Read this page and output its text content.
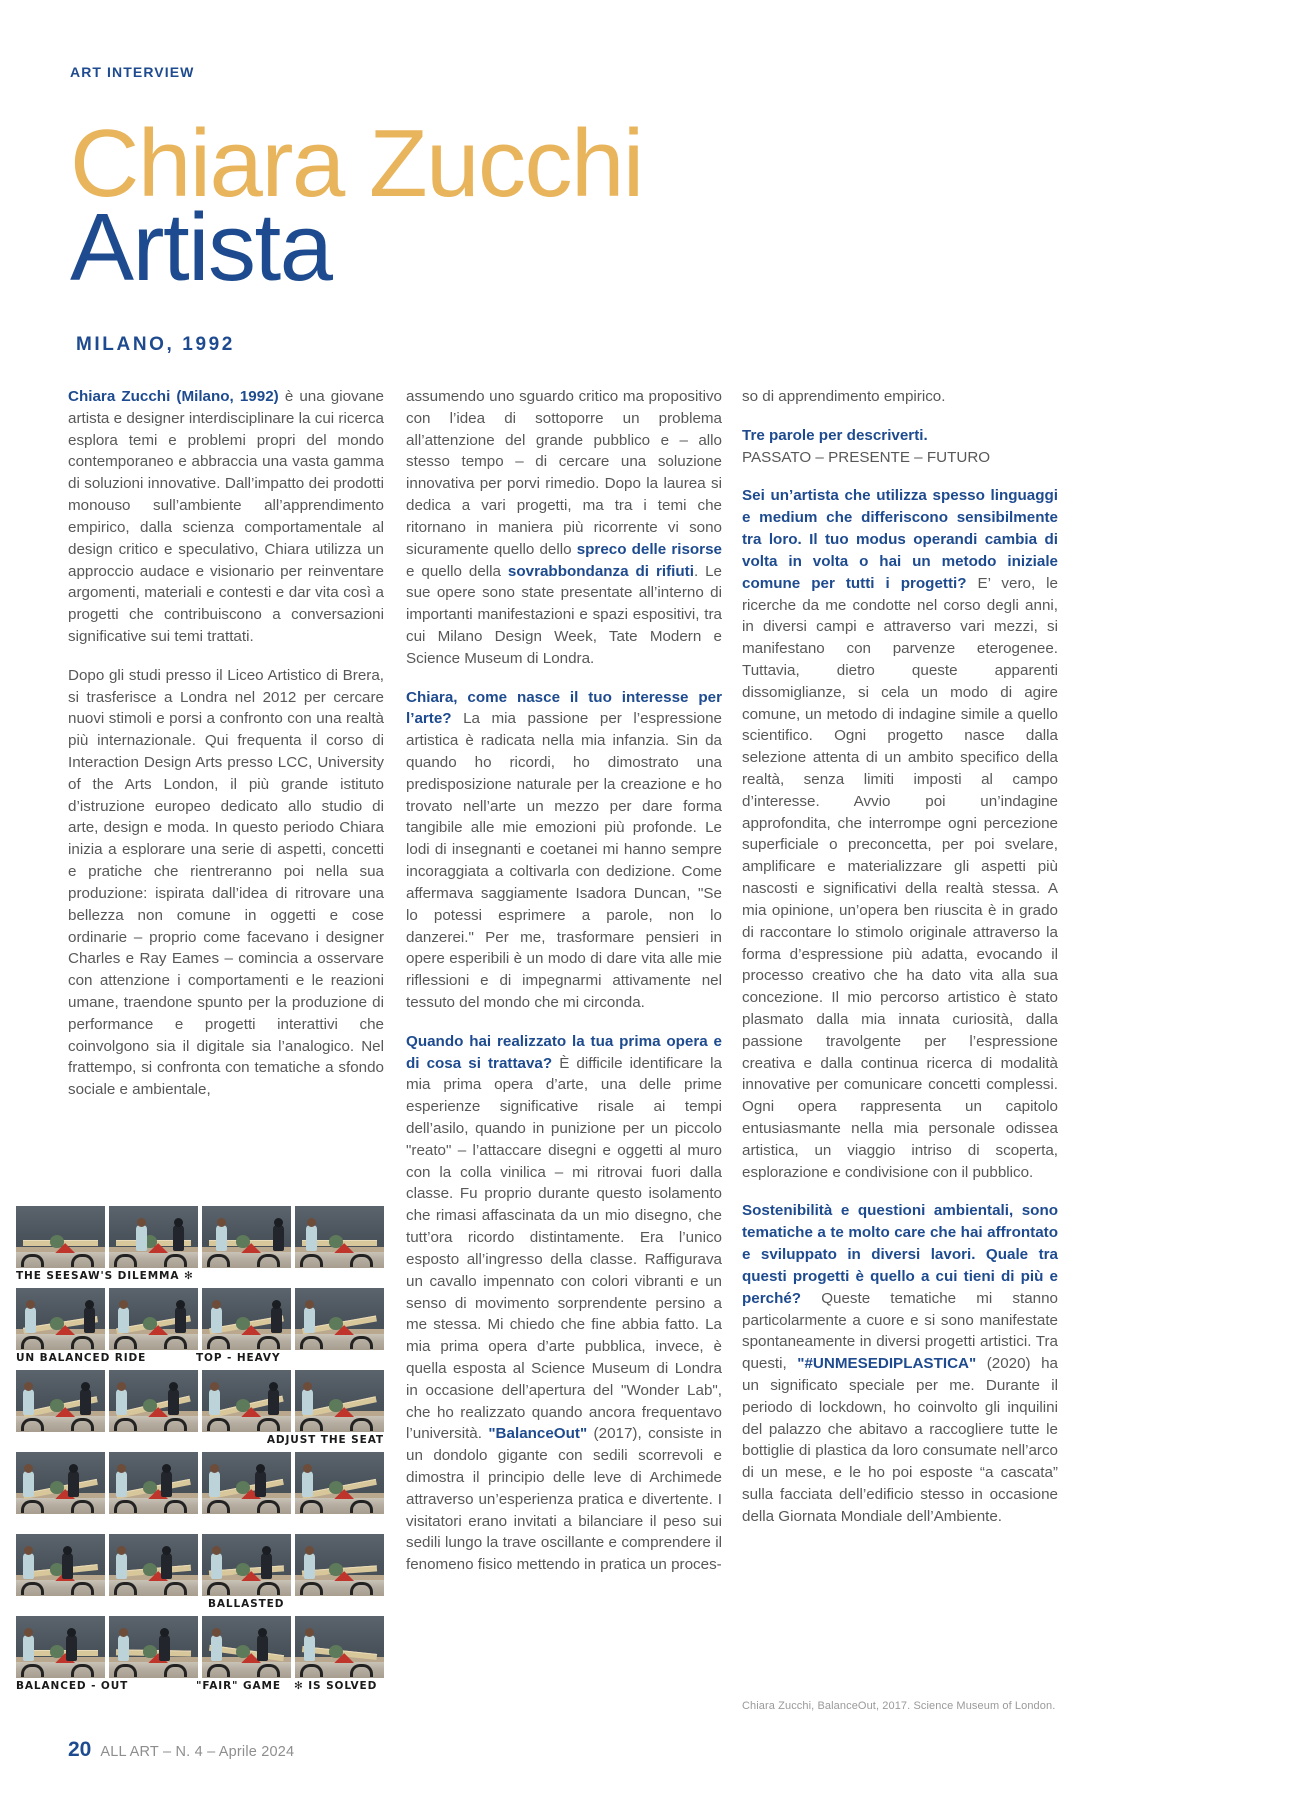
ART INTERVIEW
Chiara Zucchi
Artista
MILANO, 1992

Chiara Zucchi (Milano, 1992) è una giovane artista e designer interdisciplinare la cui ricerca esplora temi e problemi propri del mondo contemporaneo e abbraccia una vasta gamma di soluzioni innovative. Dall’impatto dei prodotti monouso sull’ambiente all’apprendimento empirico, dalla scienza comportamentale al design critico e speculativo, Chiara utilizza un approccio audace e visionario per reinventare argomenti, materiali e contesti e dar vita così a progetti che contribuiscono a conversazioni significative sui temi trattati.

Dopo gli studi presso il Liceo Artistico di Brera, si trasferisce a Londra nel 2012 per cercare nuovi stimoli e porsi a confronto con una realtà più internazionale. Qui frequenta il corso di Interaction Design Arts presso LCC, University of the Arts London, il più grande istituto d’istruzione europeo dedicato allo studio di arte, design e moda. In questo periodo Chiara inizia a esplorare una serie di aspetti, concetti e pratiche che rientreranno poi nella sua produzione: ispirata dall’idea di ritrovare una bellezza non comune in oggetti e cose ordinarie – proprio come facevano i designer Charles e Ray Eames – comincia a osservare con attenzione i comportamenti e le reazioni umane, traendone spunto per la produzione di performance e progetti interattivi che coinvolgono sia il digitale sia l’analogico. Nel frattempo, si confronta con tematiche a sfondo sociale e ambientale,

assumendo uno sguardo critico ma propositivo con l’idea di sottoporre un problema all’attenzione del grande pubblico e – allo stesso tempo – di cercare una soluzione innovativa per porvi rimedio. Dopo la laurea si dedica a vari progetti, ma tra i temi che ritornano in maniera più ricorrente vi sono sicuramente quello dello spreco delle risorse e quello della sovrabbondanza di rifiuti. Le sue opere sono state presentate all’interno di importanti manifestazioni e spazi espositivi, tra cui Milano Design Week, Tate Modern e Science Museum di Londra.

Chiara, come nasce il tuo interesse per l’arte? La mia passione per l’espressione artistica è radicata nella mia infanzia. Sin da quando ho ricordi, ho dimostrato una predisposizione naturale per la creazione e ho trovato nell’arte un mezzo per dare forma tangibile alle mie emozioni più profonde. Le lodi di insegnanti e coetanei mi hanno sempre incoraggiata a coltivarla con dedizione. Come affermava saggiamente Isadora Duncan, "Se lo potessi esprimere a parole, non lo danzerei." Per me, trasformare pensieri in opere esperibili è un modo di dare vita alle mie riflessioni e di impegnarmi attivamente nel tessuto del mondo che mi circonda.

Quando hai realizzato la tua prima opera e di cosa si trattava? È difficile identificare la mia prima opera d’arte, una delle prime esperienze significative risale ai tempi dell’asilo, quando in punizione per un piccolo "reato" – l’attaccare disegni e oggetti al muro con la colla vinilica – mi ritrovai fuori dalla classe. Fu proprio durante questo isolamento che rimasi affascinata da un mio disegno, che tutt’ora ricordo distintamente. Era l’unico esposto all’ingresso della classe. Raffigurava un cavallo impennato con colori vibranti e un senso di movimento sorprendente persino a me stessa. Mi chiedo che fine abbia fatto. La mia prima opera d’arte pubblica, invece, è quella esposta al Science Museum di Londra in occasione dell’apertura del "Wonder Lab", che ho realizzato quando ancora frequentavo l’università. "BalanceOut" (2017), consiste in un dondolo gigante con sedili scorrevoli e dimostra il principio delle leve di Archimede attraverso un’esperienza pratica e divertente. I visitatori erano invitati a bilanciare il peso sui sedili lungo la trave oscillante e comprendere il fenomeno fisico mettendo in pratica un proces-

so di apprendimento empirico.

Tre parole per descriverti.
PASSATO – PRESENTE – FUTURO

Sei un’artista che utilizza spesso linguaggi e medium che differiscono sensibilmente tra loro. Il tuo modus operandi cambia di volta in volta o hai un metodo iniziale comune per tutti i progetti? E’ vero, le ricerche da me condotte nel corso degli anni, in diversi campi e attraverso vari mezzi, si manifestano con parvenze eterogenee. Tuttavia, dietro queste apparenti dissomiglianze, si cela un modo di agire comune, un metodo di indagine simile a quello scientifico. Ogni progetto nasce dalla selezione attenta di un ambito specifico della realtà, senza limiti imposti al campo d’interesse. Avvio poi un’indagine approfondita, che interrompe ogni percezione superficiale o preconcetta, per poi svelare, amplificare e materializzare gli aspetti più nascosti e significativi della realtà stessa. A mia opinione, un’opera ben riuscita è in grado di raccontare lo stimolo originale attraverso la forma d’espressione più adatta, evocando il processo creativo che ha dato vita alla sua concezione. Il mio percorso artistico è stato plasmato dalla mia innata curiosità, dalla passione travolgente per l’espressione creativa e dalla continua ricerca di modalità innovative per comunicare concetti complessi. Ogni opera rappresenta un capitolo entusiasmante nella mia personale odissea artistica, un viaggio intriso di scoperta, esplorazione e condivisione con il pubblico.

Sostenibilità e questioni ambientali, sono tematiche a te molto care che hai affrontato e sviluppato in diversi lavori. Quale tra questi progetti è quello a cui tieni di più e perché? Queste tematiche mi stanno particolarmente a cuore e si sono manifestate spontaneamente in diversi progetti artistici. Tra questi, "#UNMESEDIPLASTICA" (2020) ha un significato speciale per me. Durante il periodo di lockdown, ho coinvolto gli inquilini del palazzo che abitavo a raccogliere tutte le bottiglie di plastica da loro consumate nell’arco di un mese, e le ho poi esposte “a cascata” sulla facciata dell’edificio stesso in occasione della Giornata Mondiale dell’Ambiente.

THE SEESAW'S DILEMMA ✻
UN BALANCED RIDE	TOP - HEAVY
ADJUST THE SEAT

BALLASTED
BALANCED - OUT	"FAIR" GAME	✻ IS SOLVED
Chiara Zucchi, BalanceOut, 2017. Science Museum of London.
20 ALL ART – N. 4 – Aprile 2024
